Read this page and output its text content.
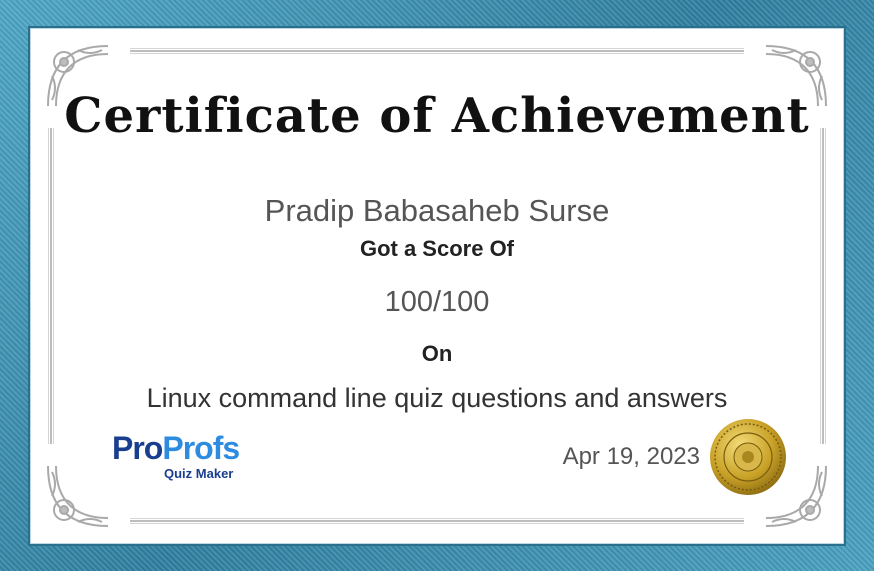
Certificate of Achievement
Pradip Babasaheb Surse
Got a Score Of
100/100
On
Linux command line quiz questions and answers
ProProfs
Quiz Maker
Apr 19, 2023
